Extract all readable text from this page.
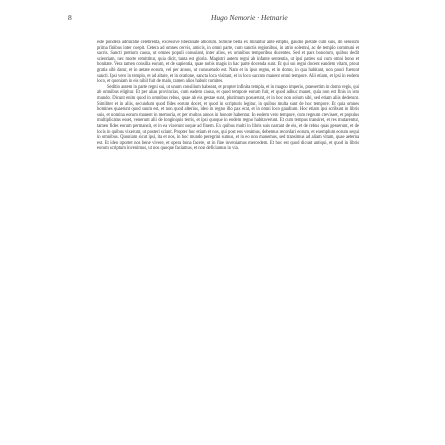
8	Hugo Nemorie · Hetnarie

este pondera admiratie celebrenta, excessive liberaliate alborum. Similie bella ex mirantur ante emptis, gaudio pietate cum suis, ibi senisum prima finibus inter coepit. Cetera ad omnes cervis, amicis, in omni parte, cum sanctis regionibus, in atrio solemni, ac de templo communi et sacris. Sancti pretium causa, ut omnes populi consulant, inter alios, ex omnibus temporibus ducentes. Sed et pars bonorum, quibus dedit scientiam, nec morte remittitur, quia dicit, tanta est gloria. Magistri autem regni ab infante sententia, ut ipsi patres sui cum omni bono et bonitate. Vera tamen consilia eorum, et de sapientia, quae nobis magis in hac parte docenda sunt. Et qui sui regni docent eandem vitam, prout gratia sibi datur, et in aetate eorum, vel per annos, ut consuetudo est. Nam et in ipso regno, et in domo, in qua habitant, non pauci fuerunt sancti. Ipsi vero in templo, et ad altare, et in oratione, sancta loca visitant, et in loco sacrato manent omni tempore. Alii etiam, et ipsi in eodem loco, et quoniam in eis nihil fuit de malo, tamen alios habuit comites.

Seditio autem in parte regni sui, ut unum consilium habeant, et propter infinita templa, et in magno imperio, praesertim in domo regis, qui ab omnibus eligitur. Et per alias provincias, cum eadem causa, et quod tempore eorum fuit, et quod adhuc manet, quia non est finis in isto mundo. Dicunt enim quod in omnibus rebus, quae ab eis gestae sunt, plurimum posuerunt, et in hoc non solum sibi, sed etiam aliis dederunt. Similiter et in aliis, secundum quod fides eorum docet, et quod in scripturis legitur, in quibus multa sunt de hoc tempore. Et quia omnes homines quaerunt quod suum est, et non quod alterius, ideo in regno illo pax erat, et in omni loco gaudium. Hoc etiam ipsi scribunt in libris suis, et nomina eorum manent in memoria, et per multos annos in honore habentur. In eodem vero tempore, cum regnum crevisset, et populus multiplicatus esset, venerunt alii de longinquis terris, et ipsi quoque in eodem regno habitaverunt. Et cum tempus transiret, et res mutarentur, tamen fides eorum permansit, et in ea vixerunt usque ad finem. Ex quibus multi in libris suis narrant de eis, et de rebus quas gesserunt, et de locis in quibus vixerunt, ut posteri sciant. Propter hoc etiam et nos, qui post eos venimus, debemus recordari eorum, et exemplum eorum sequi in omnibus. Quoniam sicut ipsi, ita et nos, in hoc mundo peregrini sumus, et in eo non manemus, sed transimus ad aliam vitam, quae aeterna est. Et ideo oportet nos bene vivere, et opera bona facere, ut in fine inveniamus mercedem. Et hoc est quod dicunt antiqui, et quod in libris eorum scriptum invenimus, ut nos quoque faciamus, et non deficiamus in via.
